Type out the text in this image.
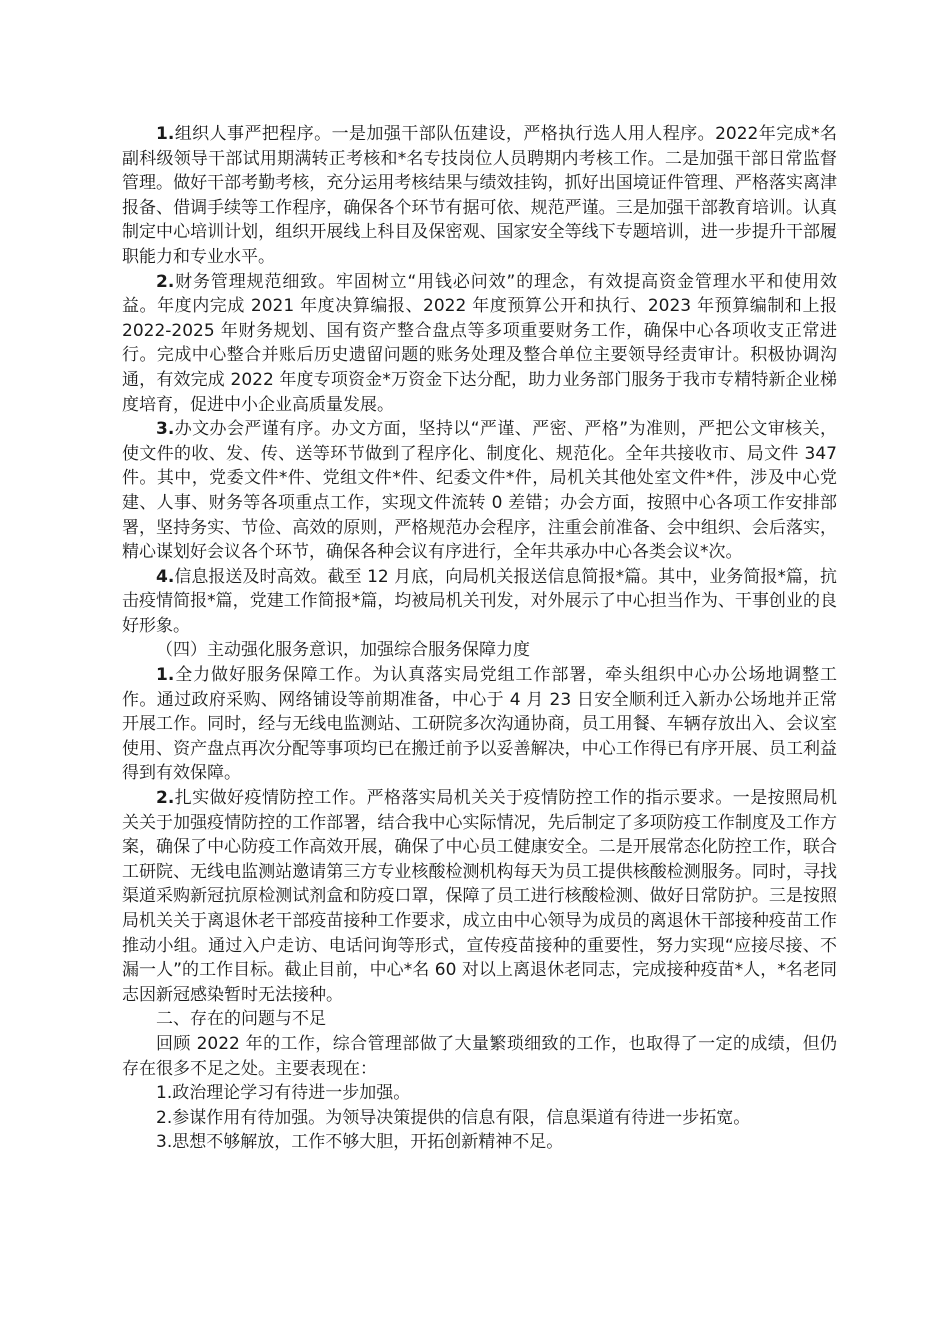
1.组织人事严把程序。一是加强干部队伍建设，严格执行选人用人程序。2022年完成*名副科级领导干部试用期满转正考核和*名专技岗位人员聘期内考核工作。二是加强干部日常监督管理。做好干部考勤考核，充分运用考核结果与绩效挂钩，抓好出国境证件管理、严格落实离津报备、借调手续等工作程序，确保各个环节有据可依、规范严谨。三是加强干部教育培训。认真制定中心培训计划，组织开展线上科目及保密观、国家安全等线下专题培训，进一步提升干部履职能力和专业水平。

2.财务管理规范细致。牢固树立“用钱必问效”的理念，有效提高资金管理水平和使用效益。年度内完成 2021 年度决算编报、2022 年度预算公开和执行、2023 年预算编制和上报 2022-2025 年财务规划、国有资产整合盘点等多项重要财务工作，确保中心各项收支正常进行。完成中心整合并账后历史遗留问题的账务处理及整合单位主要领导经责审计。积极协调沟通，有效完成 2022 年度专项资金*万资金下达分配，助力业务部门服务于我市专精特新企业梯度培育，促进中小企业高质量发展。

3.办文办会严谨有序。办文方面，坚持以“严谨、严密、严格”为准则，严把公文审核关，使文件的收、发、传、送等环节做到了程序化、制度化、规范化。全年共接收市、局文件 347 件。其中，党委文件*件、党组文件*件、纪委文件*件，局机关其他处室文件*件，涉及中心党建、人事、财务等各项重点工作，实现文件流转 0 差错；办会方面，按照中心各项工作安排部署，坚持务实、节俭、高效的原则，严格规范办会程序，注重会前准备、会中组织、会后落实，精心谋划好会议各个环节，确保各种会议有序进行，全年共承办中心各类会议*次。

4.信息报送及时高效。截至 12 月底，向局机关报送信息简报*篇。其中，业务简报*篇，抗击疫情简报*篇，党建工作简报*篇，均被局机关刊发，对外展示了中心担当作为、干事创业的良好形象。

（四）主动强化服务意识，加强综合服务保障力度

1.全力做好服务保障工作。为认真落实局党组工作部署，牵头组织中心办公场地调整工作。通过政府采购、网络铺设等前期准备，中心于 4 月 23 日安全顺利迁入新办公场地并正常开展工作。同时，经与无线电监测站、工研院多次沟通协商，员工用餐、车辆存放出入、会议室使用、资产盘点再次分配等事项均已在搬迁前予以妥善解决，中心工作得已有序开展、员工利益得到有效保障。

2.扎实做好疫情防控工作。严格落实局机关关于疫情防控工作的指示要求。一是按照局机关关于加强疫情防控的工作部署，结合我中心实际情况，先后制定了多项防疫工作制度及工作方案，确保了中心防疫工作高效开展，确保了中心员工健康安全。二是开展常态化防控工作，联合工研院、无线电监测站邀请第三方专业核酸检测机构每天为员工提供核酸检测服务。同时，寻找渠道采购新冠抗原检测试剂盒和防疫口罩，保障了员工进行核酸检测、做好日常防护。三是按照局机关关于离退休老干部疫苗接种工作要求，成立由中心领导为成员的离退休干部接种疫苗工作推动小组。通过入户走访、电话问询等形式，宣传疫苗接种的重要性，努力实现“应接尽接、不漏一人”的工作目标。截止目前，中心*名 60 对以上离退休老同志，完成接种疫苗*人，*名老同志因新冠感染暂时无法接种。

二、存在的问题与不足

回顾 2022 年的工作，综合管理部做了大量繁琐细致的工作，也取得了一定的成绩，但仍存在很多不足之处。主要表现在：

1.政治理论学习有待进一步加强。

2.参谋作用有待加强。为领导决策提供的信息有限，信息渠道有待进一步拓宽。

3.思想不够解放，工作不够大胆，开拓创新精神不足。
